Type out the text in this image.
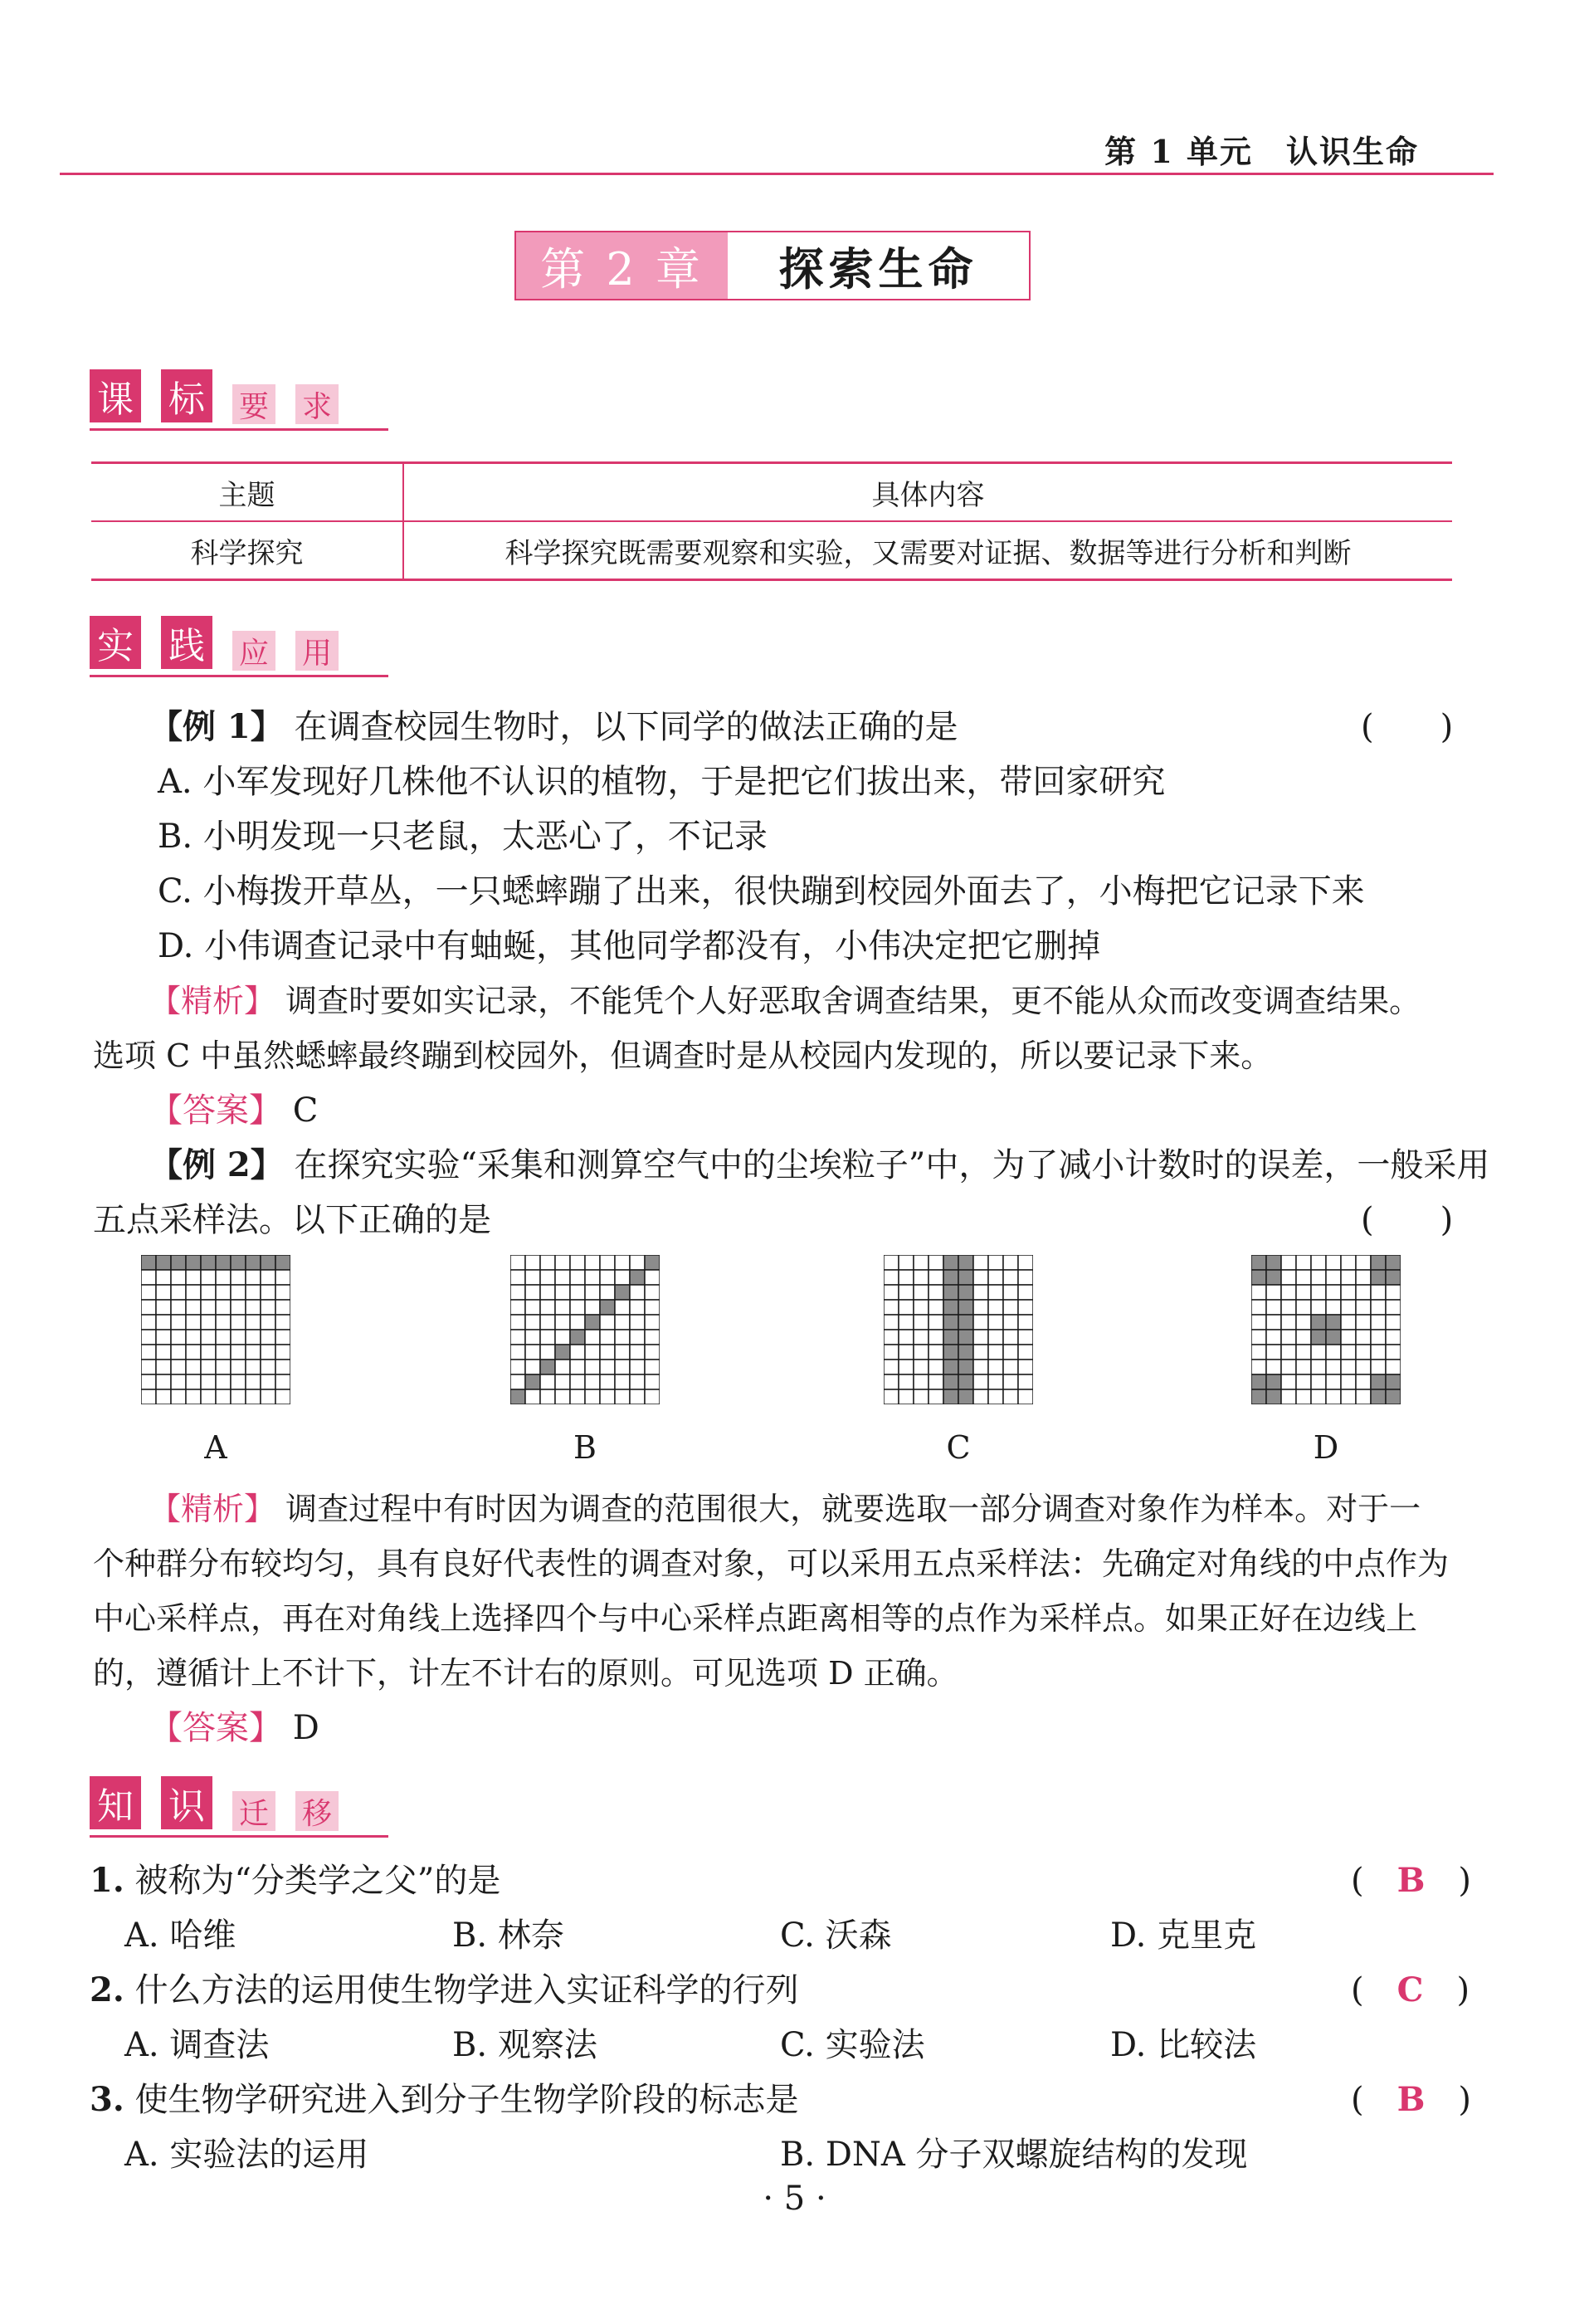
第 1 单元　认识生命
第 2 章	探索生命
课 标 要 求
主题	具体内容
科学探究	科学探究既需要观察和实验，又需要对证据、数据等进行分析和判断
实 践 应 用
【例 1】 在调查校园生物时，以下同学的做法正确的是	(　　)
A. 小军发现好几株他不认识的植物，于是把它们拔出来，带回家研究
B. 小明发现一只老鼠，太恶心了，不记录
C. 小梅拨开草丛，一只蟋蟀蹦了出来，很快蹦到校园外面去了，小梅把它记录下来
D. 小伟调查记录中有蚰蜒，其他同学都没有，小伟决定把它删掉
【精析】 调查时要如实记录，不能凭个人好恶取舍调查结果，更不能从众而改变调查结果。
选项 C 中虽然蟋蟀最终蹦到校园外，但调查时是从校园内发现的，所以要记录下来。
【答案】 C
【例 2】 在探究实验“采集和测算空气中的尘埃粒子”中，为了减小计数时的误差，一般采用
五点采样法。以下正确的是	(　　)
A	B	C	D
【精析】 调查过程中有时因为调查的范围很大，就要选取一部分调查对象作为样本。对于一
个种群分布较均匀，具有良好代表性的调查对象，可以采用五点采样法：先确定对角线的中点作为
中心采样点，再在对角线上选择四个与中心采样点距离相等的点作为采样点。如果正好在边线上
的，遵循计上不计下，计左不计右的原则。可见选项 D 正确。
【答案】 D
知 识 迁 移
1. 被称为“分类学之父”的是	(　B　)
A. 哈维	B. 林奈	C. 沃森	D. 克里克
2. 什么方法的运用使生物学进入实证科学的行列	(　C　)
A. 调查法	B. 观察法	C. 实验法	D. 比较法
3. 使生物学研究进入到分子生物学阶段的标志是	(　B　)
A. 实验法的运用	B. DNA 分子双螺旋结构的发现
· 5 ·
